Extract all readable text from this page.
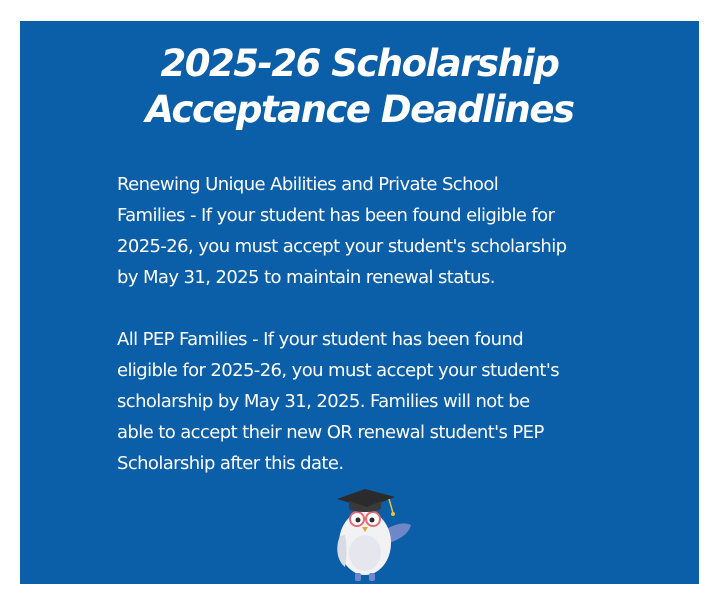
2025-26 Scholarship
Acceptance Deadlines

Renewing Unique Abilities and Private School
Families - If your student has been found eligible for
2025-26, you must accept your student's scholarship
by May 31, 2025 to maintain renewal status.

All PEP Families - If your student has been found
eligible for 2025-26, you must accept your student's
scholarship by May 31, 2025. Families will not be
able to accept their new OR renewal student's PEP
Scholarship after this date.
